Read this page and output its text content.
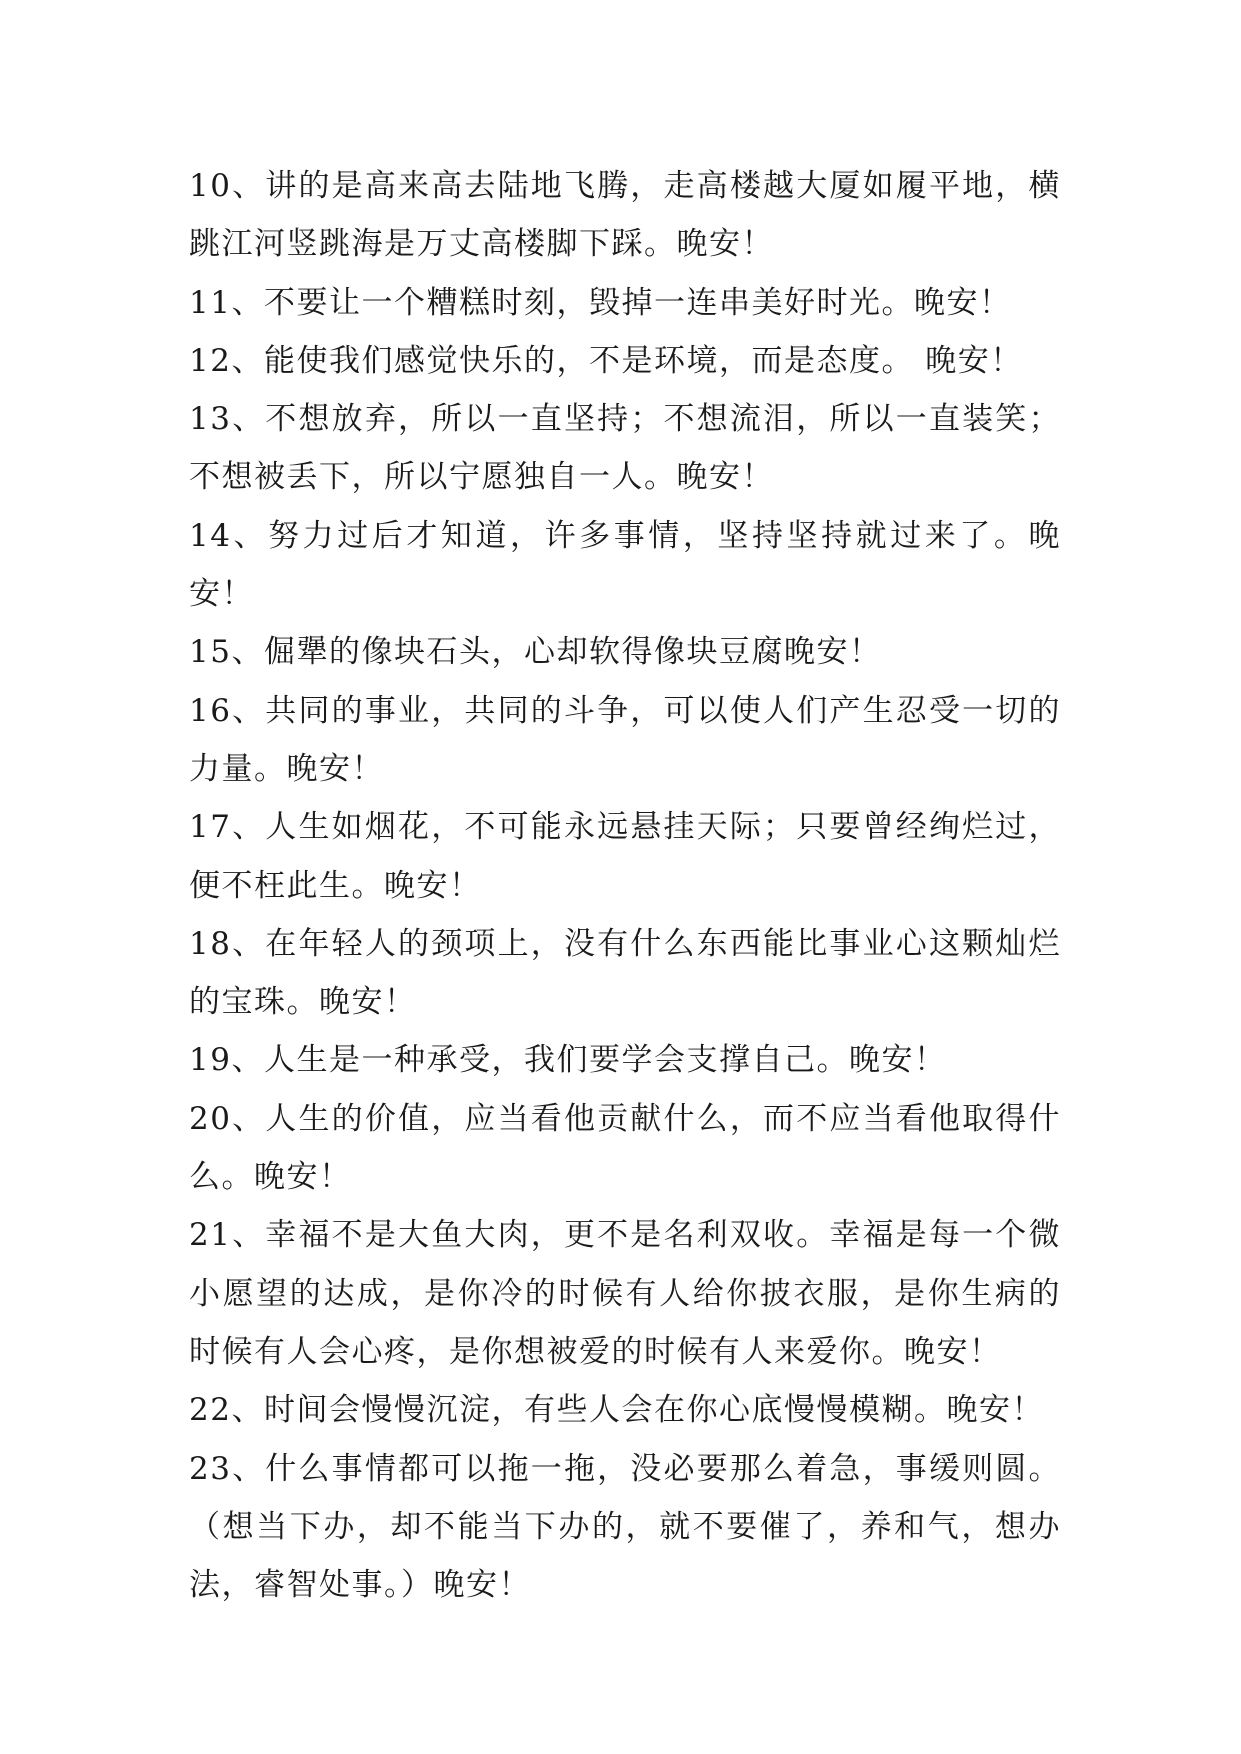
10、讲的是高来高去陆地飞腾，走高楼越大厦如履平地，横跳江河竖跳海是万丈高楼脚下踩。晚安！

11、不要让一个糟糕时刻，毁掉一连串美好时光。晚安！

12、能使我们感觉快乐的，不是环境，而是态度。 晚安！

13、不想放弃，所以一直坚持；不想流泪，所以一直装笑；不想被丢下，所以宁愿独自一人。晚安！

14、努力过后才知道，许多事情，坚持坚持就过来了。晚安！

15、倔犟的像块石头，心却软得像块豆腐晚安！

16、共同的事业，共同的斗争，可以使人们产生忍受一切的力量。晚安！

17、人生如烟花，不可能永远悬挂天际；只要曾经绚烂过，便不枉此生。晚安！

18、在年轻人的颈项上，没有什么东西能比事业心这颗灿烂的宝珠。晚安！

19、人生是一种承受，我们要学会支撑自己。晚安！

20、人生的价值，应当看他贡献什么，而不应当看他取得什么。晚安！

21、幸福不是大鱼大肉，更不是名利双收。幸福是每一个微小愿望的达成，是你冷的时候有人给你披衣服，是你生病的时候有人会心疼，是你想被爱的时候有人来爱你。晚安！

22、时间会慢慢沉淀，有些人会在你心底慢慢模糊。晚安！

23、什么事情都可以拖一拖，没必要那么着急，事缓则圆。（想当下办，却不能当下办的，就不要催了，养和气，想办法，睿智处事。）晚安！
